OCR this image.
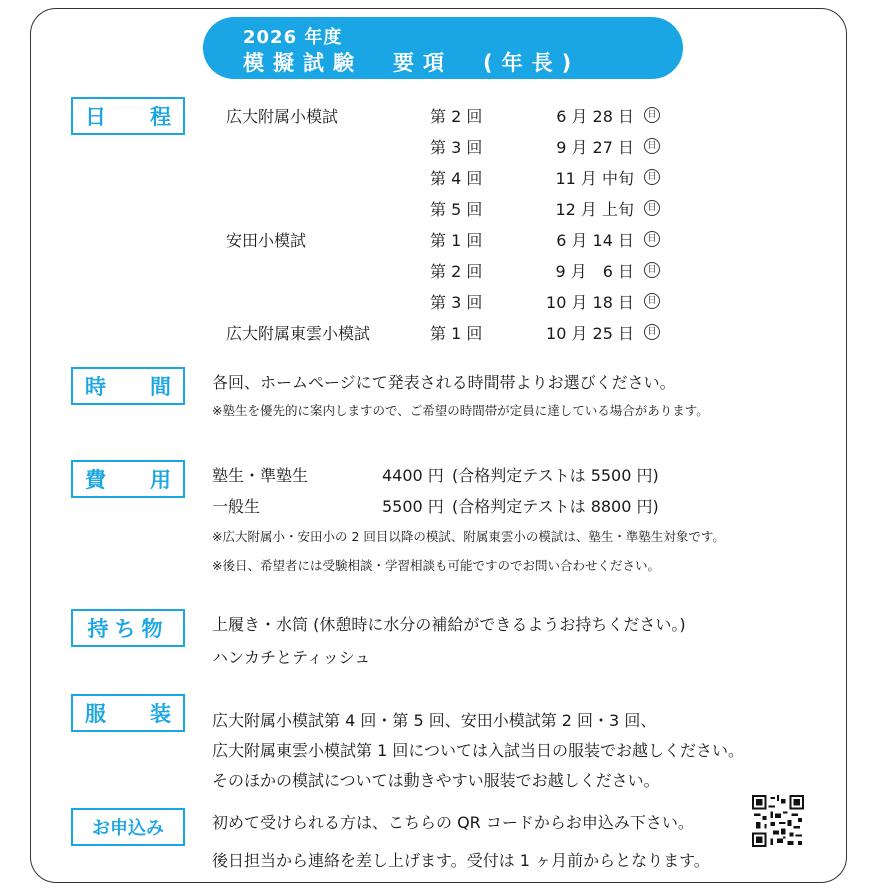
2026 年度
模擬試験　要項　(年長)
日 程	広大附属小模試	第 2 回	6 月 28 日	日
第 3 回	9 月 27 日	日
第 4 回	11 月 中旬	日
第 5 回	12 月 上旬	日
安田小模試	第 1 回	6 月 14 日	日
第 2 回	9 月　6 日	日
第 3 回	10 月 18 日	日
広大附属東雲小模試	第 1 回	10 月 25 日	日
時 間	各回、ホームページにて発表される時間帯よりお選びください。
※塾生を優先的に案内しますので、ご希望の時間帯が定員に達している場合があります。
費 用	塾生・準塾生	4400 円 (合格判定テストは 5500 円)
一般生	5500 円 (合格判定テストは 8800 円)
※広大附属小・安田小の 2 回目以降の模試、附属東雲小の模試は、塾生・準塾生対象です。
※後日、希望者には受験相談・学習相談も可能ですのでお問い合わせください。
持ち物	上履き・水筒 (休憩時に水分の補給ができるようお持ちください。)
ハンカチとティッシュ
服 装	広大附属小模試第 4 回・第 5 回、安田小模試第 2 回・3 回、
広大附属東雲小模試第 1 回については入試当日の服装でお越しください。
そのほかの模試については動きやすい服装でお越しください。
お申込み	初めて受けられる方は、こちらの QR コードからお申込み下さい。
後日担当から連絡を差し上げます。受付は 1 ヶ月前からとなります。
